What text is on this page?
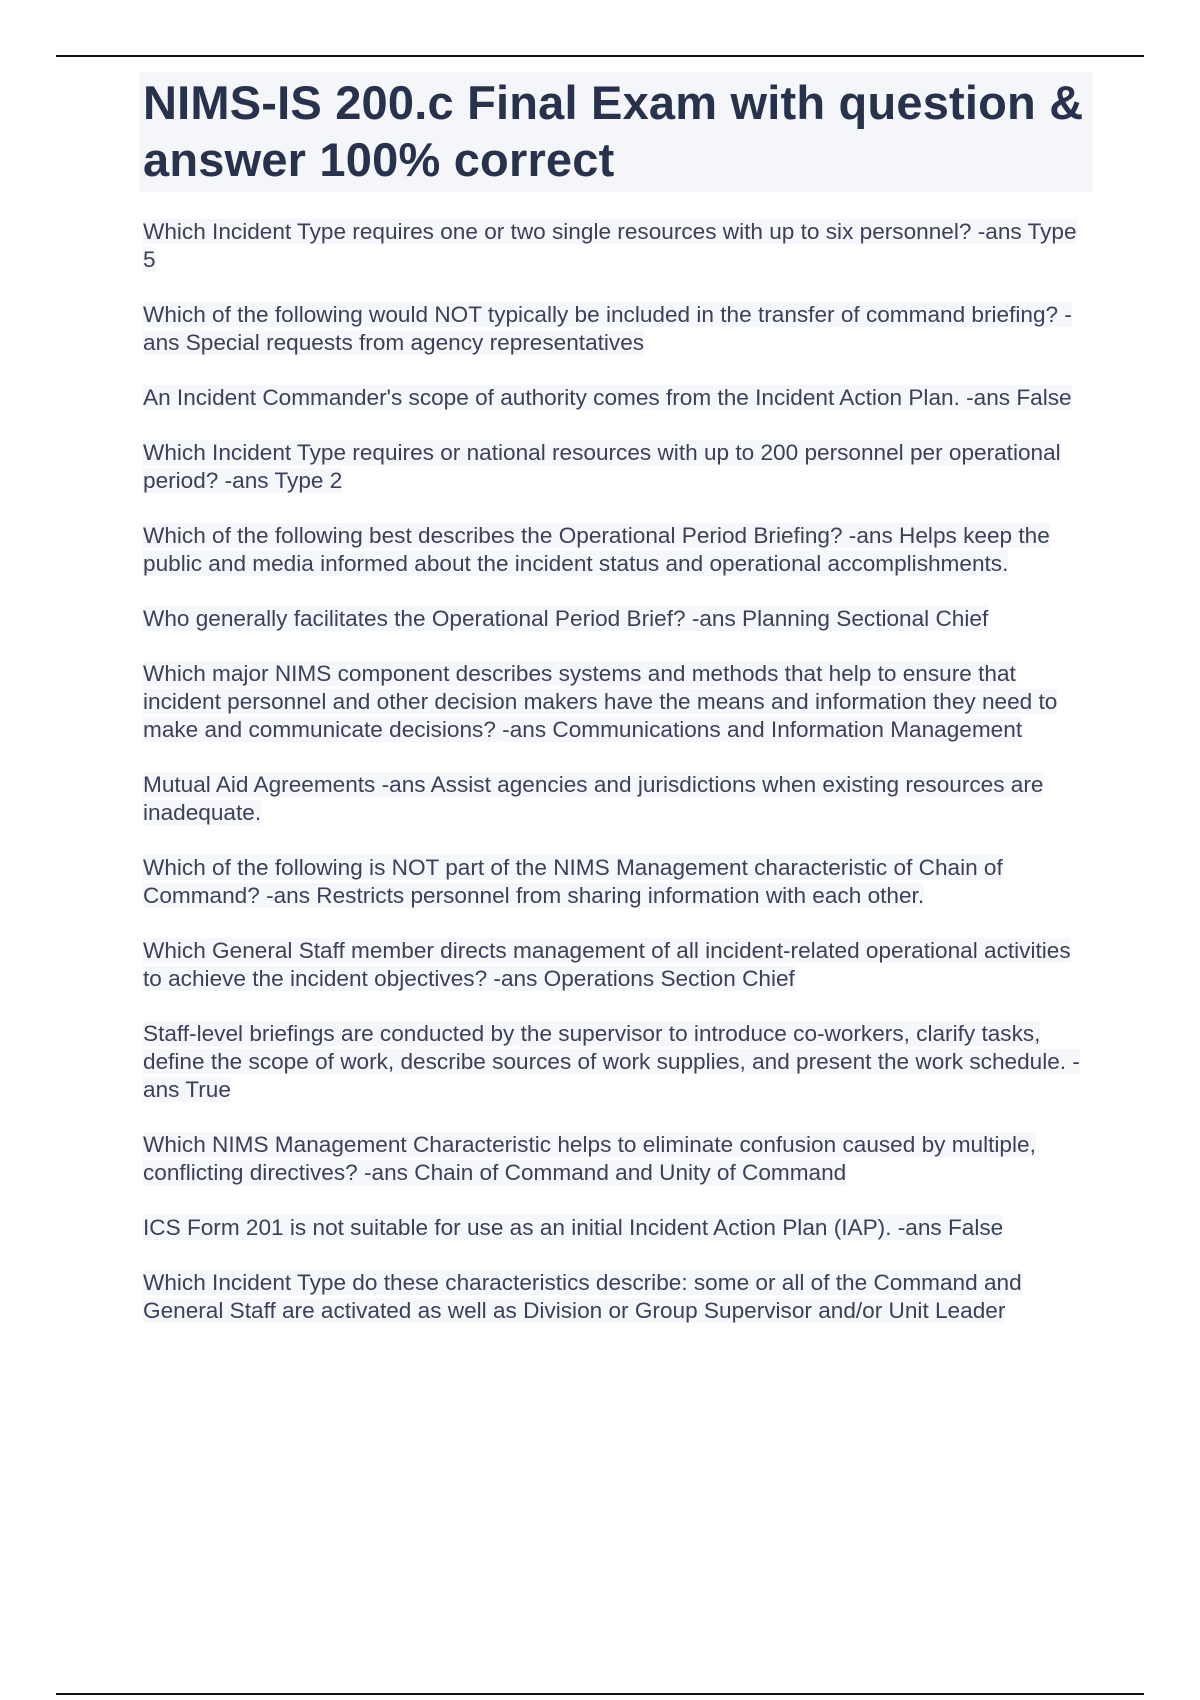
NIMS-IS 200.c Final Exam with question & answer 100% correct

Which Incident Type requires one or two single resources with up to six personnel? -ans Type 5

Which of the following would NOT typically be included in the transfer of command briefing? -ans Special requests from agency representatives

An Incident Commander's scope of authority comes from the Incident Action Plan. -ans False

Which Incident Type requires or national resources with up to 200 personnel per operational period? -ans Type 2

Which of the following best describes the Operational Period Briefing? -ans Helps keep the public and media informed about the incident status and operational accomplishments.

Who generally facilitates the Operational Period Brief? -ans Planning Sectional Chief

Which major NIMS component describes systems and methods that help to ensure that incident personnel and other decision makers have the means and information they need to make and communicate decisions? -ans Communications and Information Management

Mutual Aid Agreements -ans Assist agencies and jurisdictions when existing resources are inadequate.

Which of the following is NOT part of the NIMS Management characteristic of Chain of Command? -ans Restricts personnel from sharing information with each other.

Which General Staff member directs management of all incident-related operational activities to achieve the incident objectives? -ans Operations Section Chief

Staff-level briefings are conducted by the supervisor to introduce co-workers, clarify tasks, define the scope of work, describe sources of work supplies, and present the work schedule. -ans True

Which NIMS Management Characteristic helps to eliminate confusion caused by multiple, conflicting directives? -ans Chain of Command and Unity of Command

ICS Form 201 is not suitable for use as an initial Incident Action Plan (IAP). -ans False

Which Incident Type do these characteristics describe: some or all of the Command and General Staff are activated as well as Division or Group Supervisor and/or Unit Leader
